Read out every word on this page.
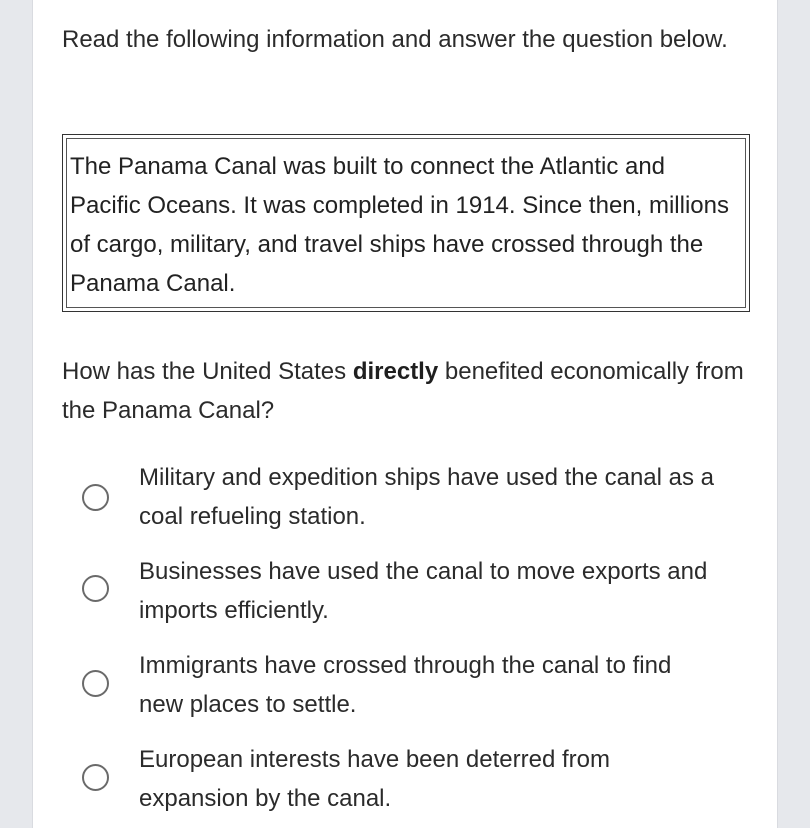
Read the following information and answer the question below.

The Panama Canal was built to connect the Atlantic and Pacific Oceans. It was completed in 1914. Since then, millions of cargo, military, and travel ships have crossed through the Panama Canal.

How has the United States directly benefited economically from the Panama Canal?

Military and expedition ships have used the canal as a coal refueling station.
Businesses have used the canal to move exports and imports efficiently.
Immigrants have crossed through the canal to find new places to settle.
European interests have been deterred from expansion by the canal.
